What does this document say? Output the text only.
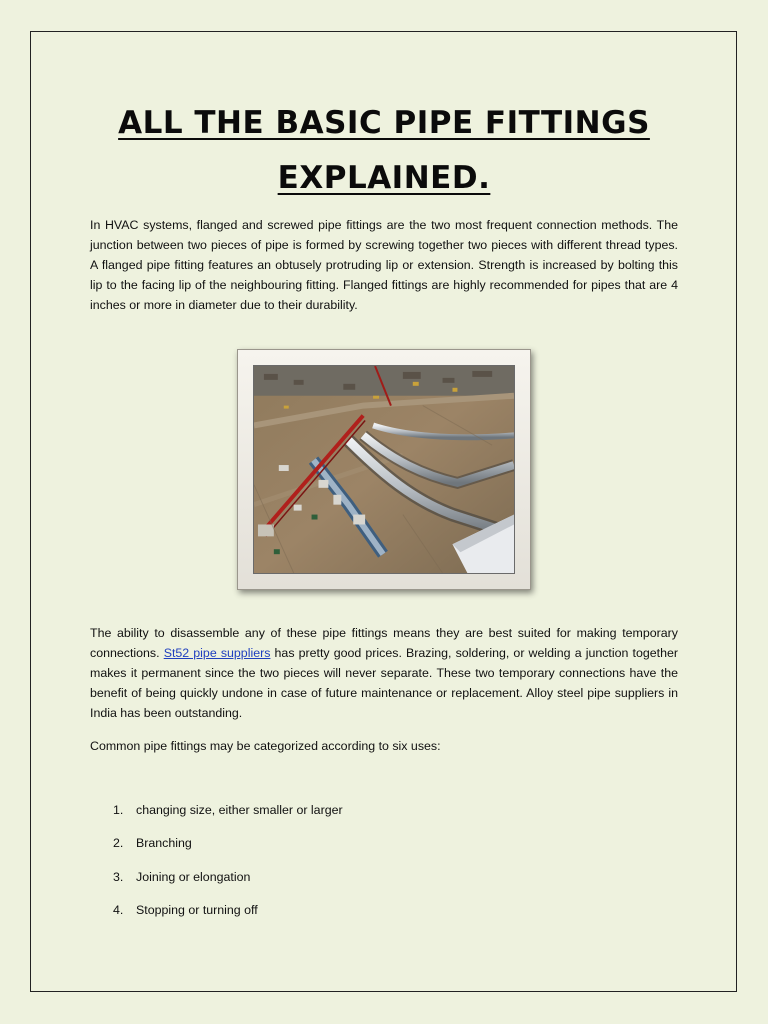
ALL THE BASIC PIPE FITTINGS EXPLAINED.

In HVAC systems, flanged and screwed pipe fittings are the two most frequent connection methods. The junction between two pieces of pipe is formed by screwing together two pieces with different thread types. A flanged pipe fitting features an obtusely protruding lip or extension. Strength is increased by bolting this lip to the facing lip of the neighbouring fitting. Flanged fittings are highly recommended for pipes that are 4 inches or more in diameter due to their durability.

The ability to disassemble any of these pipe fittings means they are best suited for making temporary connections. St52 pipe suppliers has pretty good prices. Brazing, soldering, or welding a junction together makes it permanent since the two pieces will never separate. These two temporary connections have the benefit of being quickly undone in case of future maintenance or replacement. Alloy steel pipe suppliers in India has been outstanding.

Common pipe fittings may be categorized according to six uses:

1.	changing size, either smaller or larger
2.	Branching
3.	Joining or elongation
4.	Stopping or turning off
